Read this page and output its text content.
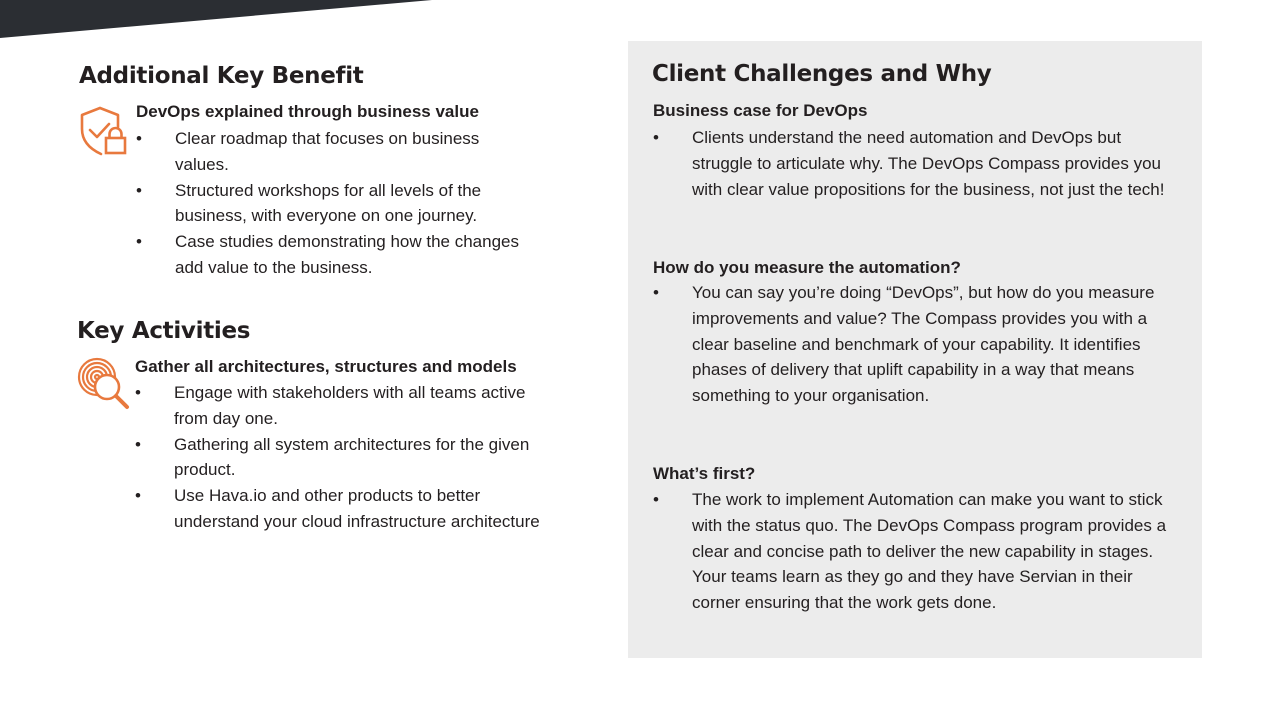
Additional Key Benefit
DevOps explained through business value
• Clear roadmap that focuses on business values.
• Structured workshops for all levels of the business, with everyone on one journey.
• Case studies demonstrating how the changes add value to the business.
Key Activities
Gather all architectures, structures and models
• Engage with stakeholders with all teams active from day one.
• Gathering all system architectures for the given product.
• Use Hava.io and other products to better understand your cloud infrastructure architecture
Client Challenges and Why
Business case for DevOps
• Clients understand the need automation and DevOps but struggle to articulate why. The DevOps Compass provides you with clear value propositions for the business, not just the tech!
How do you measure the automation?
• You can say you’re doing “DevOps”, but how do you measure improvements and value? The Compass provides you with a clear baseline and benchmark of your capability. It identifies phases of delivery that uplift capability in a way that means something to your organisation.
What’s first?
• The work to implement Automation can make you want to stick with the status quo. The DevOps Compass program provides a clear and concise path to deliver the new capability in stages. Your teams learn as they go and they have Servian in their corner ensuring that the work gets done.
